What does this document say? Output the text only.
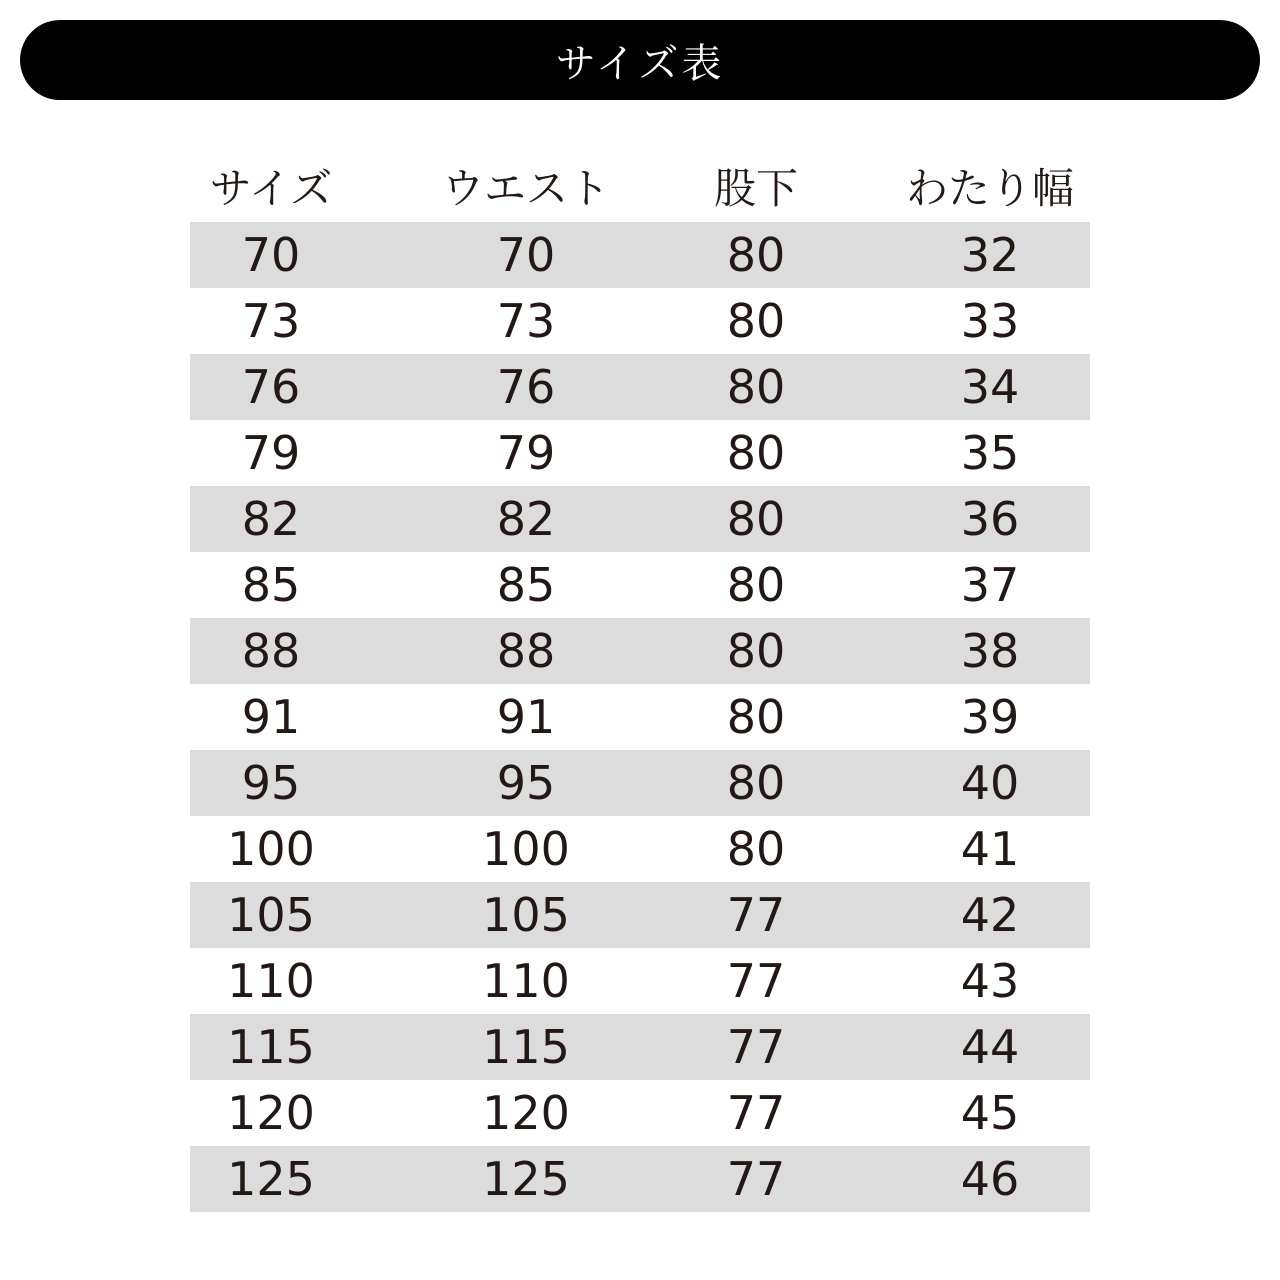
サイズ表
サイズ	ウエスト	股下	わたり幅
70	70	80	32
73	73	80	33
76	76	80	34
79	79	80	35
82	82	80	36
85	85	80	37
88	88	80	38
91	91	80	39
95	95	80	40
100	100	80	41
105	105	77	42
110	110	77	43
115	115	77	44
120	120	77	45
125	125	77	46
